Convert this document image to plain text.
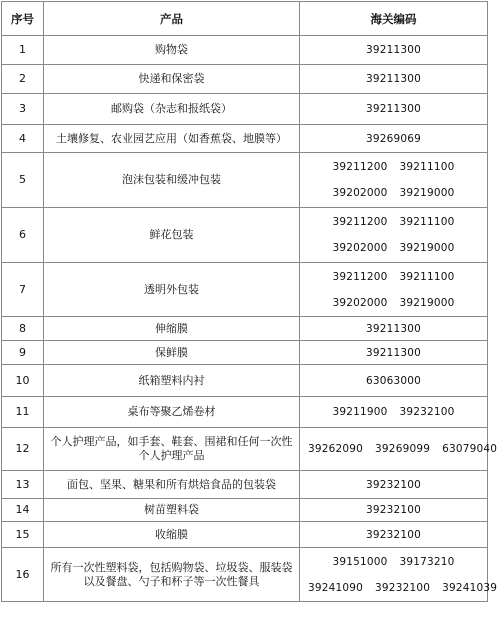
序号	产品	海关编码
1	购物袋	39211300

2	快递和保密袋	39211300

3	邮购袋（杂志和报纸袋）	39211300

4	土壤修复、农业园艺应用（如香蕉袋、地膜等）	39269069

5	泡沫包装和缓冲包装	39211200 39211100
39202000 39219000

6	鲜花包装	39211200 39211100
39202000 39219000

7	透明外包装	39211200 39211100
39202000 39219000

8	伸缩膜	39211300

9	保鲜膜	39211300

10	纸箱塑料内衬	63063000

11	桌布等聚乙烯卷材	39211900 39232100

12	个人护理产品，如手套、鞋套、围裙和任何一次性个人护理产品	39262090 39269099 63079040

13	面包、坚果、糖果和所有烘焙食品的包装袋	39232100

14	树苗塑料袋	39232100

15	收缩膜	39232100

16	所有一次性塑料袋，包括购物袋、垃圾袋、服装袋以及餐盘、勺子和杯子等一次性餐具	39151000 39173210
39241090 39232100 39241039
